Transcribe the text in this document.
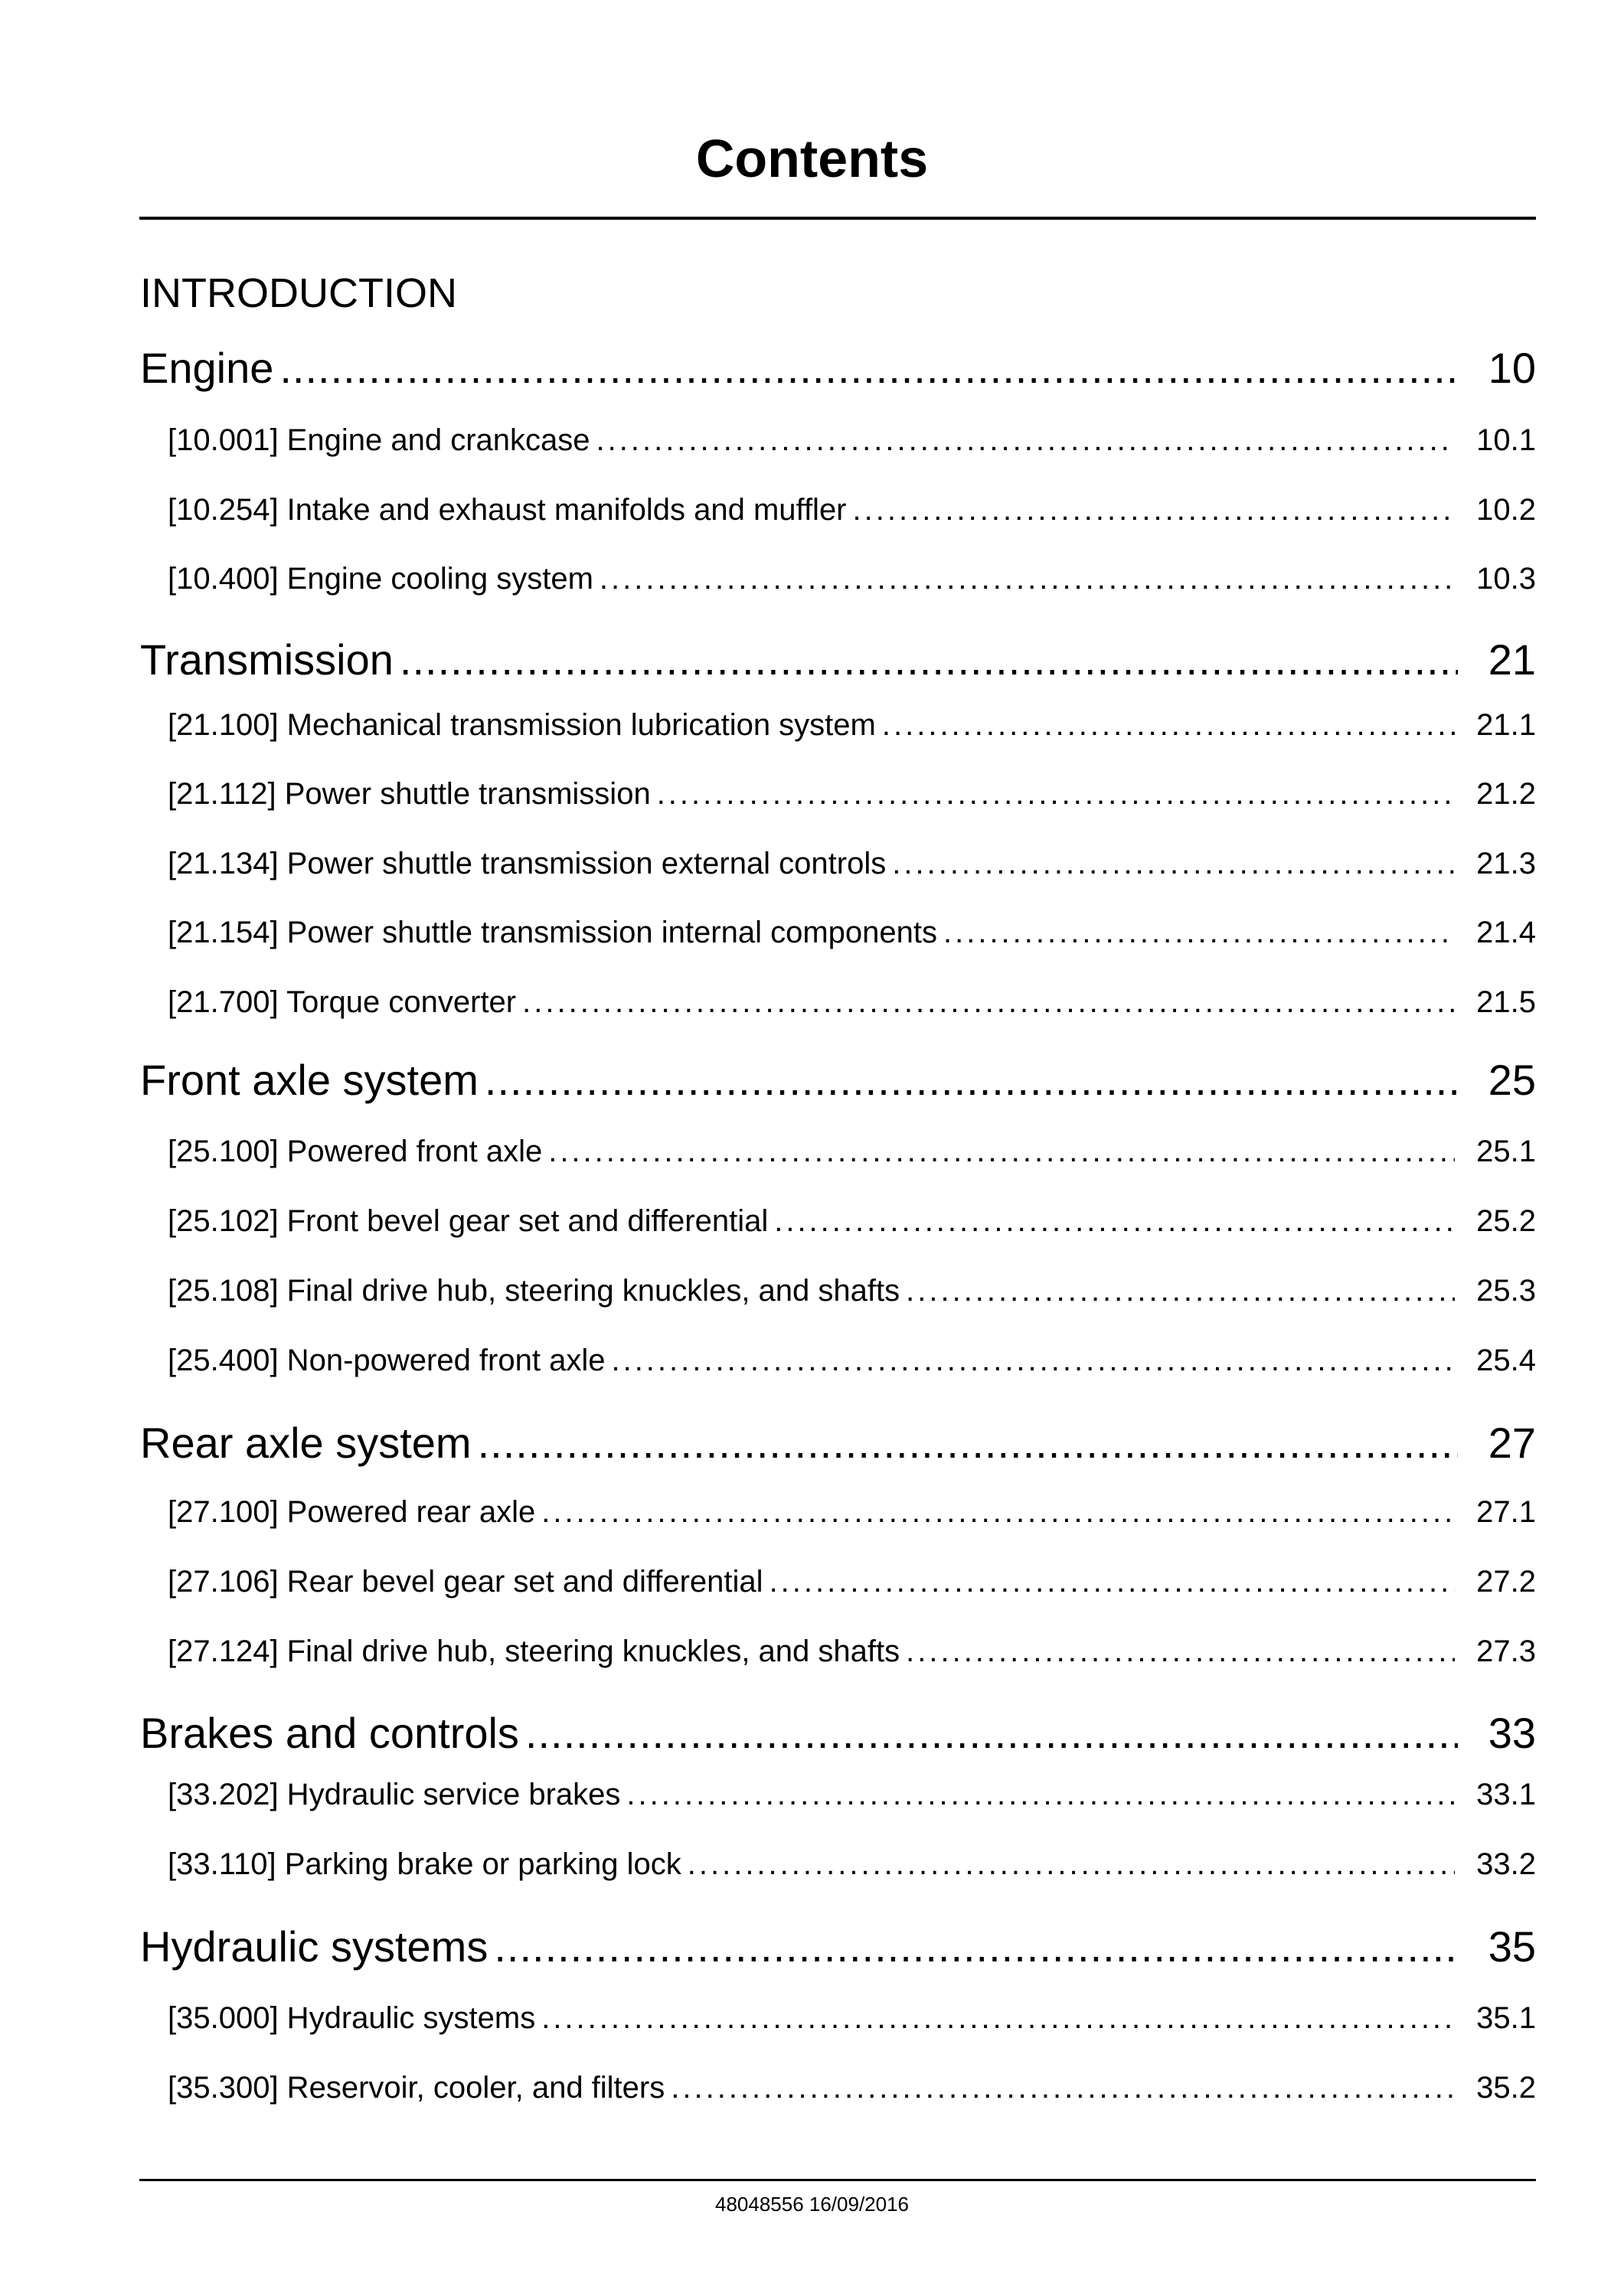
Contents
INTRODUCTION
Engine .....	10
[10.001] Engine and crankcase .....	10.1
[10.254] Intake and exhaust manifolds and muffler .....	10.2
[10.400] Engine cooling system .....	10.3
Transmission .....	21
[21.100] Mechanical transmission lubrication system .....	21.1
[21.112] Power shuttle transmission .....	21.2
[21.134] Power shuttle transmission external controls .....	21.3
[21.154] Power shuttle transmission internal components .....	21.4
[21.700] Torque converter .....	21.5
Front axle system .....	25
[25.100] Powered front axle .....	25.1
[25.102] Front bevel gear set and differential .....	25.2
[25.108] Final drive hub, steering knuckles, and shafts .....	25.3
[25.400] Non-powered front axle .....	25.4
Rear axle system .....	27
[27.100] Powered rear axle .....	27.1
[27.106] Rear bevel gear set and differential .....	27.2
[27.124] Final drive hub, steering knuckles, and shafts .....	27.3
Brakes and controls .....	33
[33.202] Hydraulic service brakes .....	33.1
[33.110] Parking brake or parking lock .....	33.2
Hydraulic systems .....	35
[35.000] Hydraulic systems .....	35.1
[35.300] Reservoir, cooler, and filters .....	35.2
48048556 16/09/2016
